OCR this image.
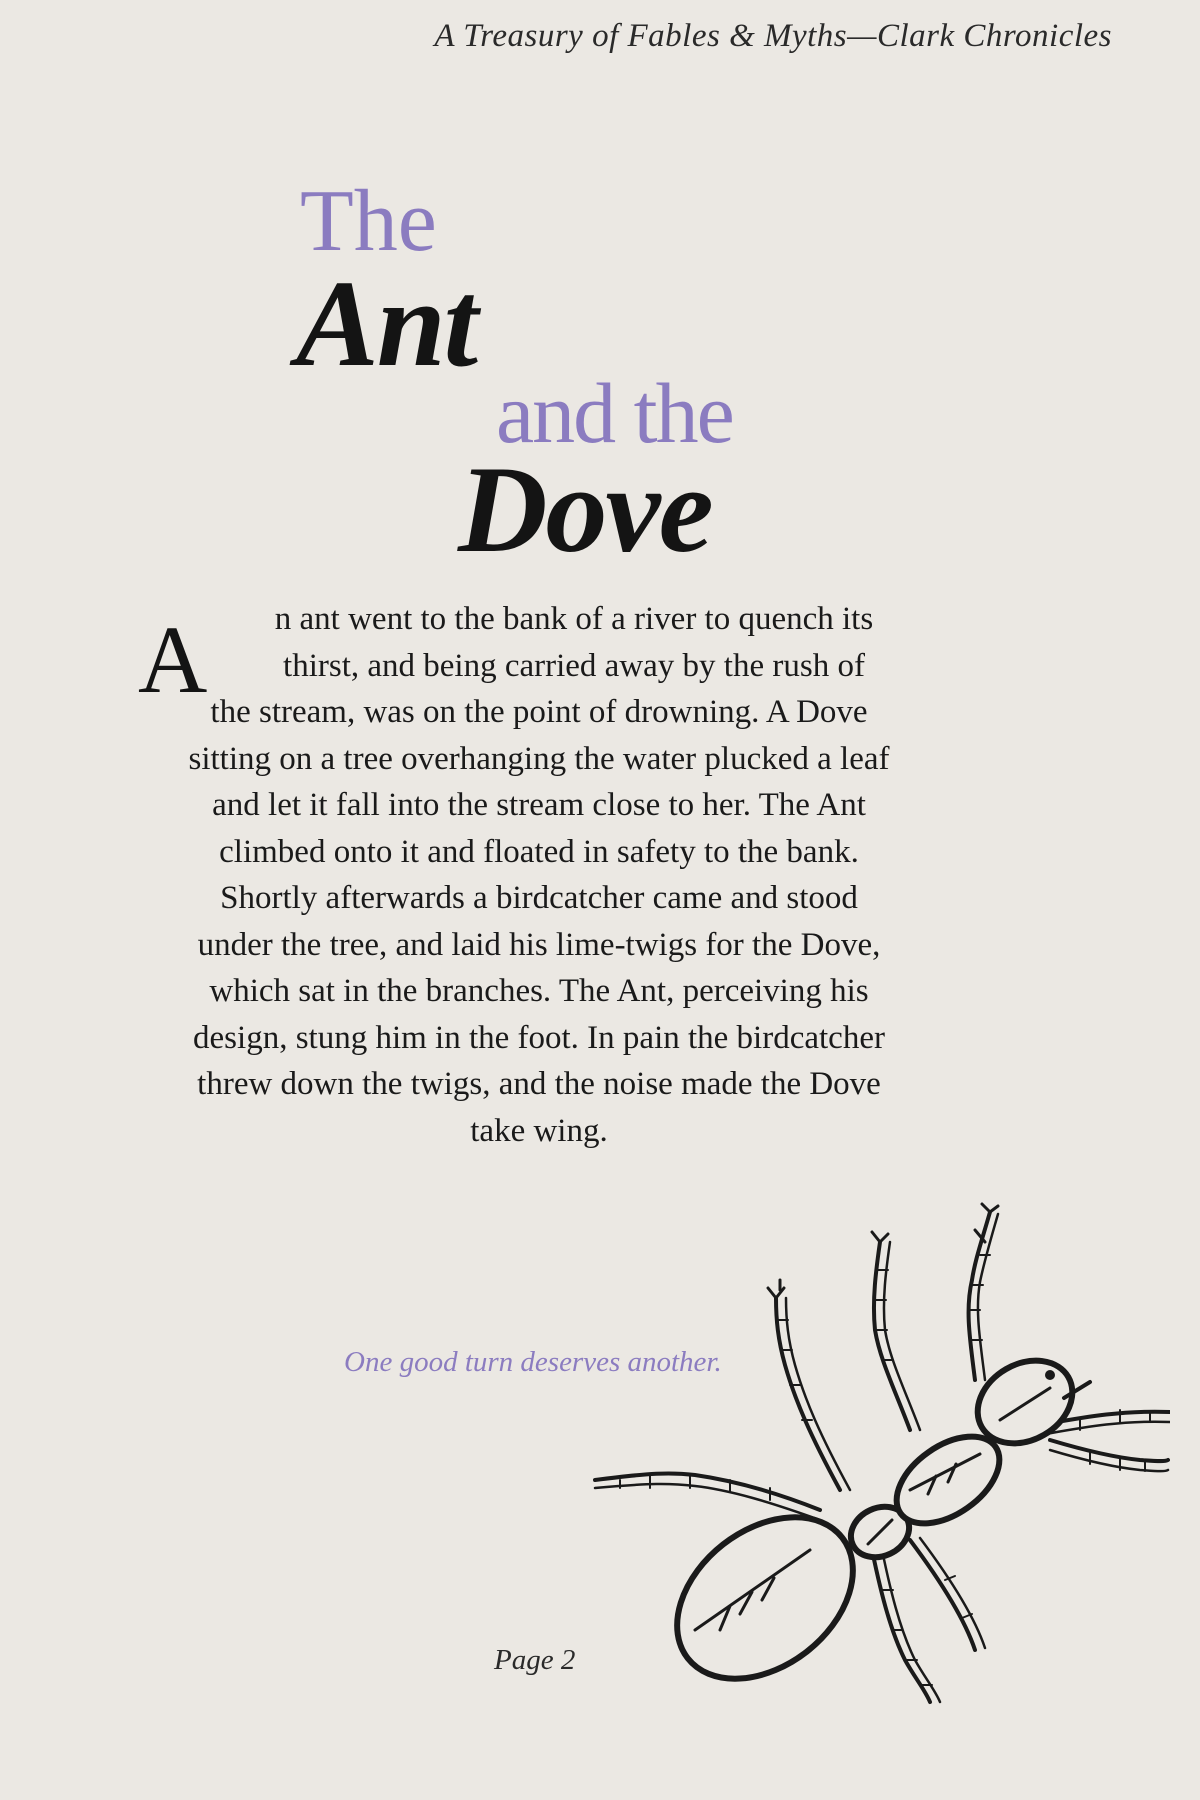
A Treasury of Fables & Myths—Clark Chronicles
The
Ant
and the
Dove
A	n ant went to the bank of a river to quench its
thirst, and being carried away by the rush of
the stream, was on the point of drowning. A Dove
sitting on a tree overhanging the water plucked a leaf
and let it fall into the stream close to her. The Ant
climbed onto it and floated in safety to the bank.
Shortly afterwards a birdcatcher came and stood
under the tree, and laid his lime-twigs for the Dove,
which sat in the branches. The Ant, perceiving his
design, stung him in the foot. In pain the birdcatcher
threw down the twigs, and the noise made the Dove
take wing.
One good turn deserves another.
Page 2
